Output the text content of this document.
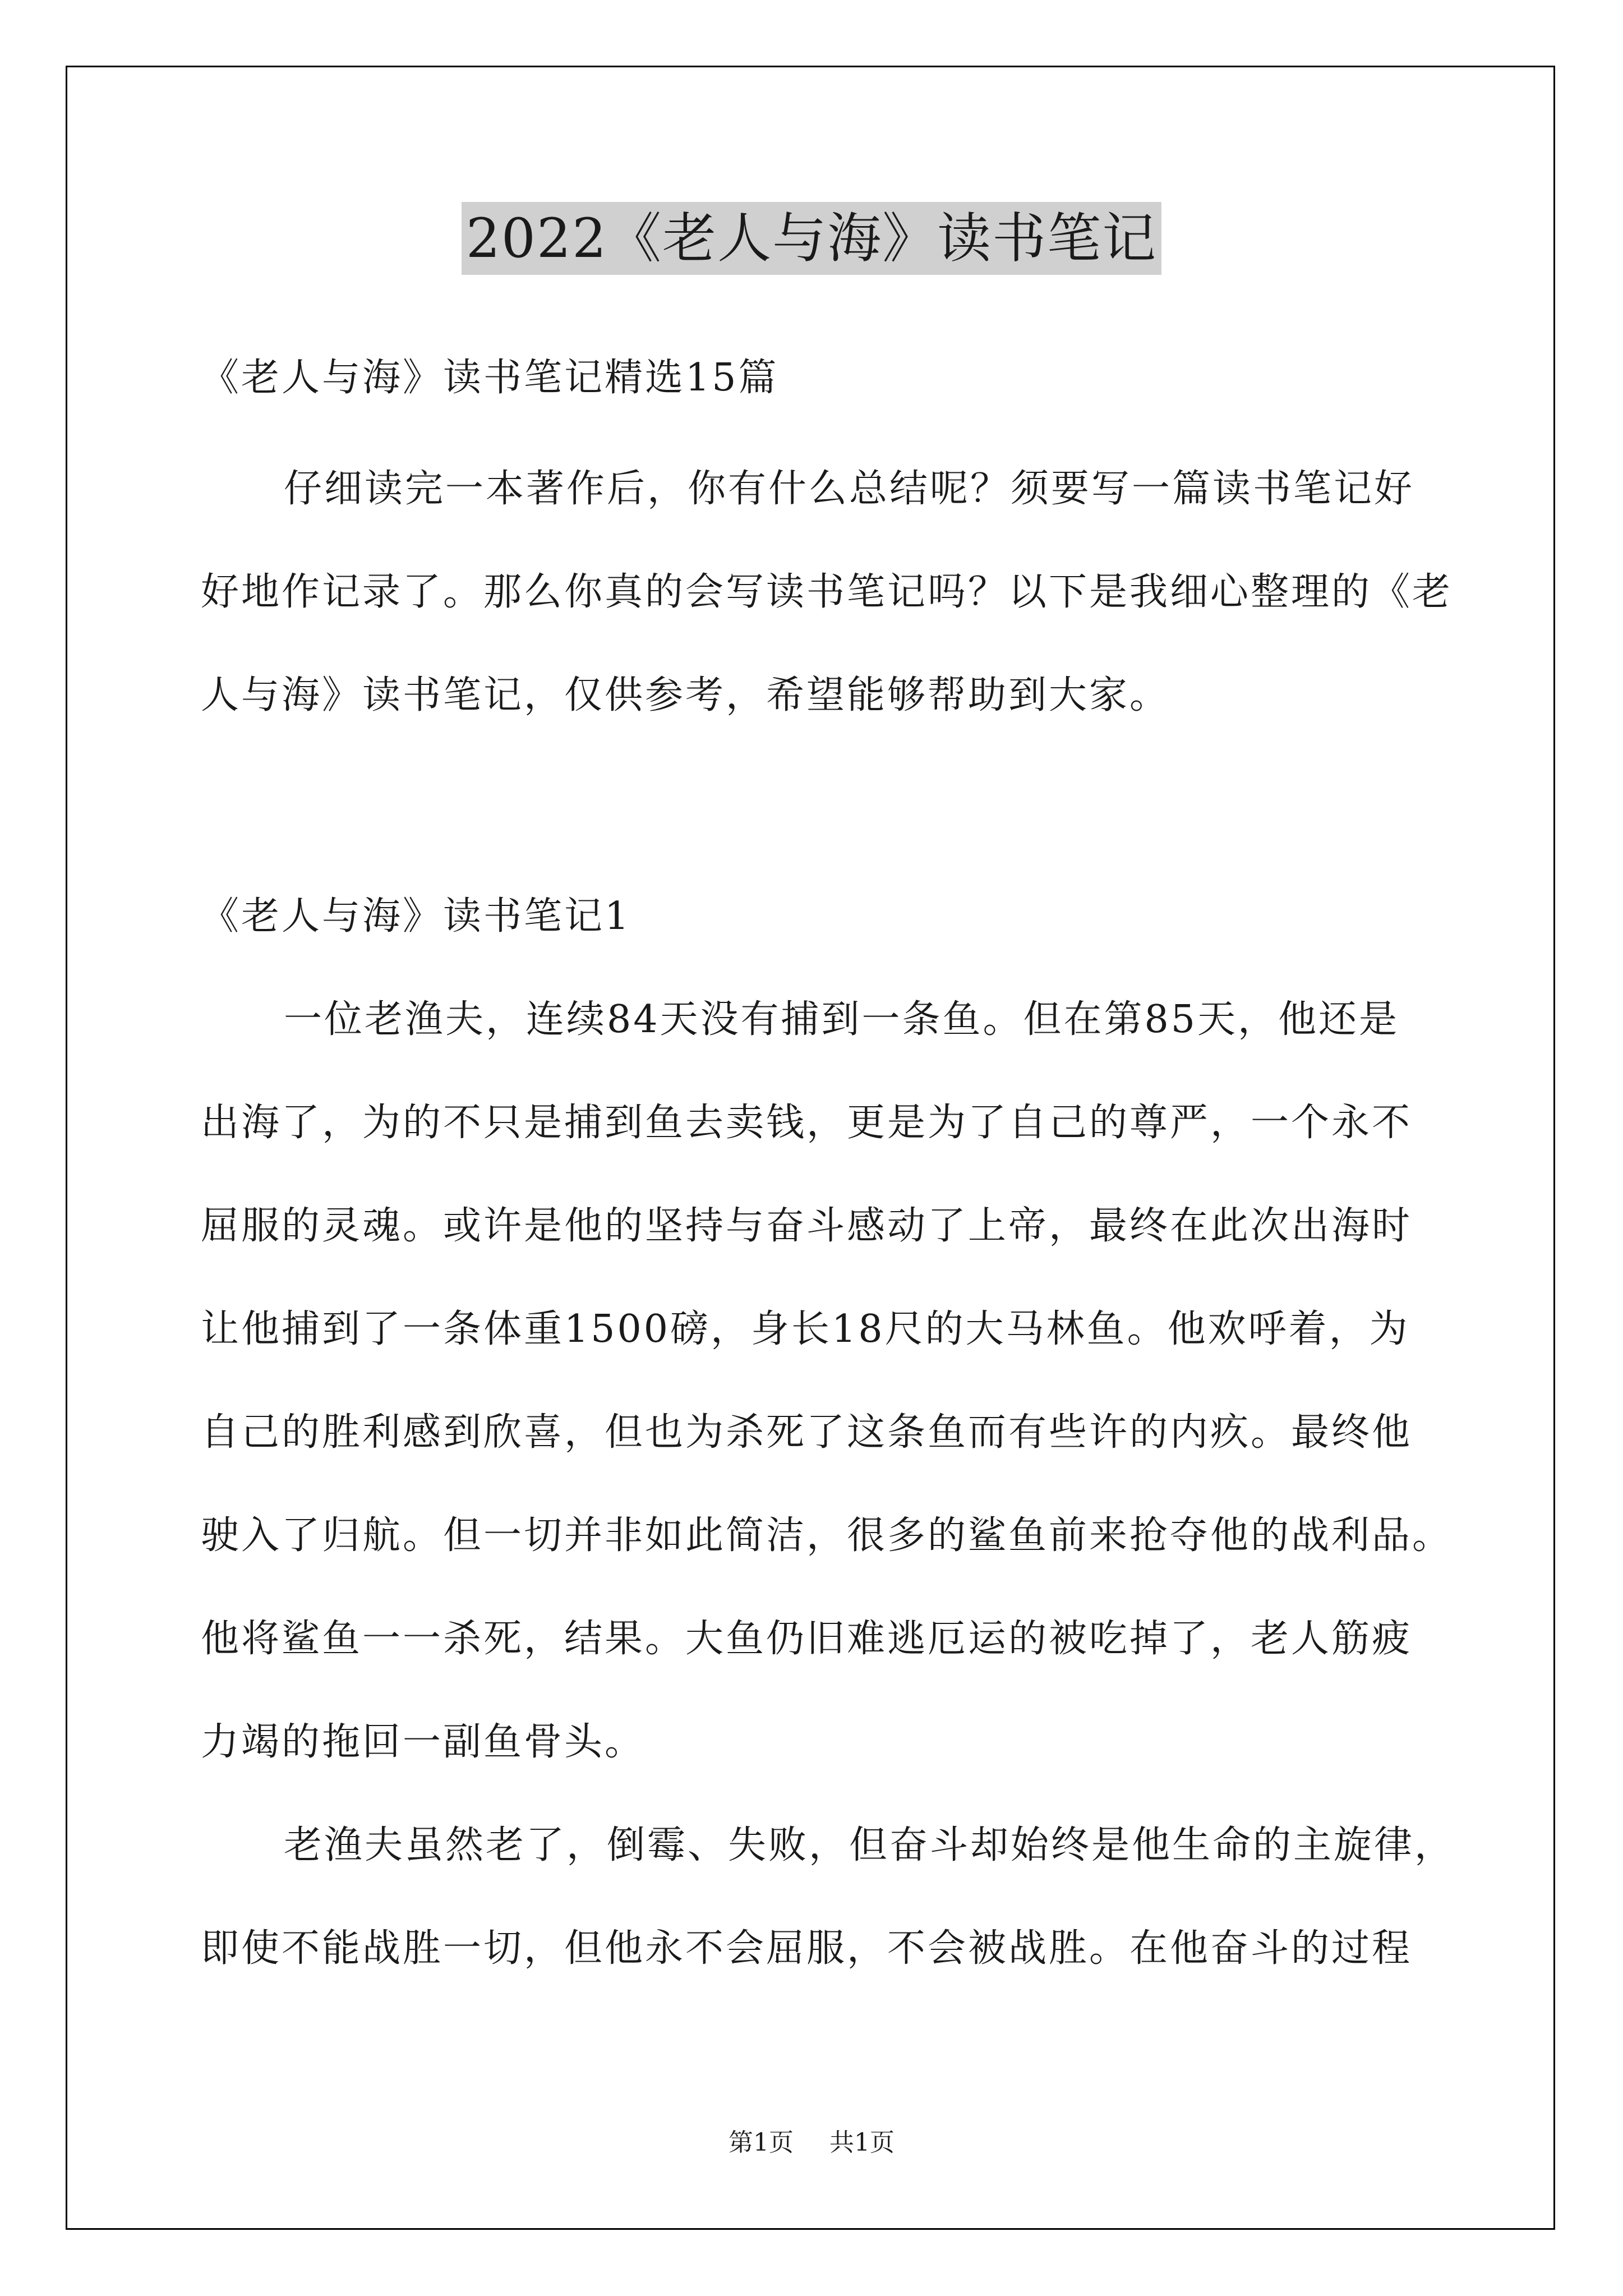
2022《老人与海》读书笔记
《老人与海》读书笔记精选15篇
仔细读完一本著作后，你有什么总结呢？须要写一篇读书笔记好
好地作记录了。那么你真的会写读书笔记吗？以下是我细心整理的《老
人与海》读书笔记，仅供参考，希望能够帮助到大家。
《老人与海》读书笔记1
一位老渔夫，连续84天没有捕到一条鱼。但在第85天，他还是
出海了，为的不只是捕到鱼去卖钱，更是为了自己的尊严，一个永不
屈服的灵魂。或许是他的坚持与奋斗感动了上帝，最终在此次出海时
让他捕到了一条体重1500磅，身长18尺的大马林鱼。他欢呼着，为
自己的胜利感到欣喜，但也为杀死了这条鱼而有些许的内疚。最终他
驶入了归航。但一切并非如此简洁，很多的鲨鱼前来抢夺他的战利品。
他将鲨鱼一一杀死，结果。大鱼仍旧难逃厄运的被吃掉了，老人筋疲
力竭的拖回一副鱼骨头。
老渔夫虽然老了，倒霉、失败，但奋斗却始终是他生命的主旋律，
即使不能战胜一切，但他永不会屈服，不会被战胜。在他奋斗的过程
第1页 共1页
